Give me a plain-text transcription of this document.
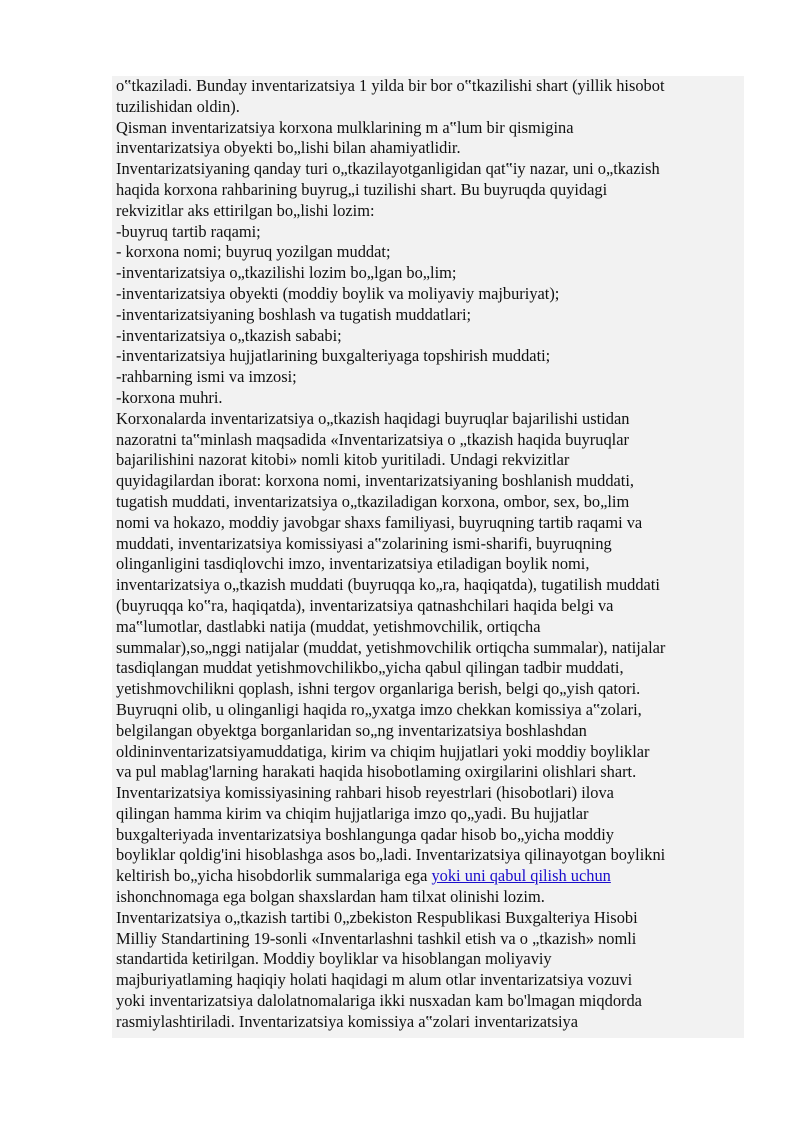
o‟tkaziladi. Bunday inventarizatsiya 1 yilda bir bor o‟tkazilishi shart (yillik hisobot
tuzilishidan oldin).
Qisman inventarizatsiya korxona mulklarining m a‟lum bir qismigina
inventarizatsiya obyekti bo„lishi bilan ahamiyatlidir.
Inventarizatsiyaning qanday turi o„tkazilayotganligidan qat‟iy nazar, uni o„tkazish
haqida korxona rahbarining buyrug„i tuzilishi shart. Bu buyruqda quyidagi
rekvizitlar aks ettirilgan bo„lishi lozim:
-buyruq tartib raqami;
- korxona nomi; buyruq yozilgan muddat;
-inventarizatsiya o„tkazilishi lozim bo„lgan bo„lim;
-inventarizatsiya obyekti (moddiy boylik va moliyaviy majburiyat);
-inventarizatsiyaning boshlash va tugatish muddatlari;
-inventarizatsiya o„tkazish sababi;
-inventarizatsiya hujjatlarining buxgalteriyaga topshirish muddati;
-rahbarning ismi va imzosi;
-korxona muhri.
Korxonalarda inventarizatsiya o„tkazish haqidagi buyruqlar bajarilishi ustidan
nazoratni ta‟minlash maqsadida «Inventarizatsiya o „tkazish haqida buyruqlar
bajarilishini nazorat kitobi» nomli kitob yuritiladi. Undagi rekvizitlar
quyidagilardan iborat: korxona nomi, inventarizatsiyaning boshlanish muddati,
tugatish muddati, inventarizatsiya o„tkaziladigan korxona, ombor, sex, bo„lim
nomi va hokazo, moddiy javobgar shaxs familiyasi, buyruqning tartib raqami va
muddati, inventarizatsiya komissiyasi a‟zolarining ismi-sharifi, buyruqning
olinganligini tasdiqlovchi imzo, inventarizatsiya etiladigan boylik nomi,
inventarizatsiya o„tkazish muddati (buyruqqa ko„ra, haqiqatda), tugatilish muddati
(buyruqqa ko‟ra, haqiqatda), inventarizatsiya qatnashchilari haqida belgi va
ma‟lumotlar, dastlabki natija (muddat, yetishmovchilik, ortiqcha
summalar),so„nggi natijalar (muddat, yetishmovchilik ortiqcha summalar), natijalar
tasdiqlangan muddat yetishmovchilikbo„yicha qabul qilingan tadbir muddati,
yetishmovchilikni qoplash, ishni tergov organlariga berish, belgi qo„yish qatori.
Buyruqni olib, u olinganligi haqida ro„yxatga imzo chekkan komissiya a‟zolari,
belgilangan obyektga borganlaridan so„ng inventarizatsiya boshlashdan
oldininventarizatsiyamuddatiga, kirim va chiqim hujjatlari yoki moddiy boyliklar
va pul mablag'larning harakati haqida hisobotlaming oxirgilarini olishlari shart.
Inventarizatsiya komissiyasining rahbari hisob reyestrlari (hisobotlari) ilova
qilingan hamma kirim va chiqim hujjatlariga imzo qo„yadi. Bu hujjatlar
buxgalteriyada inventarizatsiya boshlangunga qadar hisob bo„yicha moddiy
boyliklar qoldig'ini hisoblashga asos bo„ladi. Inventarizatsiya qilinayotgan boylikni
keltirish bo„yicha hisobdorlik summalariga ega yoki uni qabul qilish uchun
ishonchnomaga ega bolgan shaxslardan ham tilxat olinishi lozim.
Inventarizatsiya o„tkazish tartibi 0„zbekiston Respublikasi Buxgalteriya Hisobi
Milliy Standartining 19-sonli «Inventarlashni tashkil etish va o „tkazish» nomli
standartida ketirilgan. Moddiy boyliklar va hisoblangan moliyaviy
majburiyatlaming haqiqiy holati haqidagi m alum otlar inventarizatsiya vozuvi
yoki inventarizatsiya dalolatnomalariga ikki nusxadan kam bo'lmagan miqdorda
rasmiylashtiriladi. Inventarizatsiya komissiya a‟zolari inventarizatsiya
